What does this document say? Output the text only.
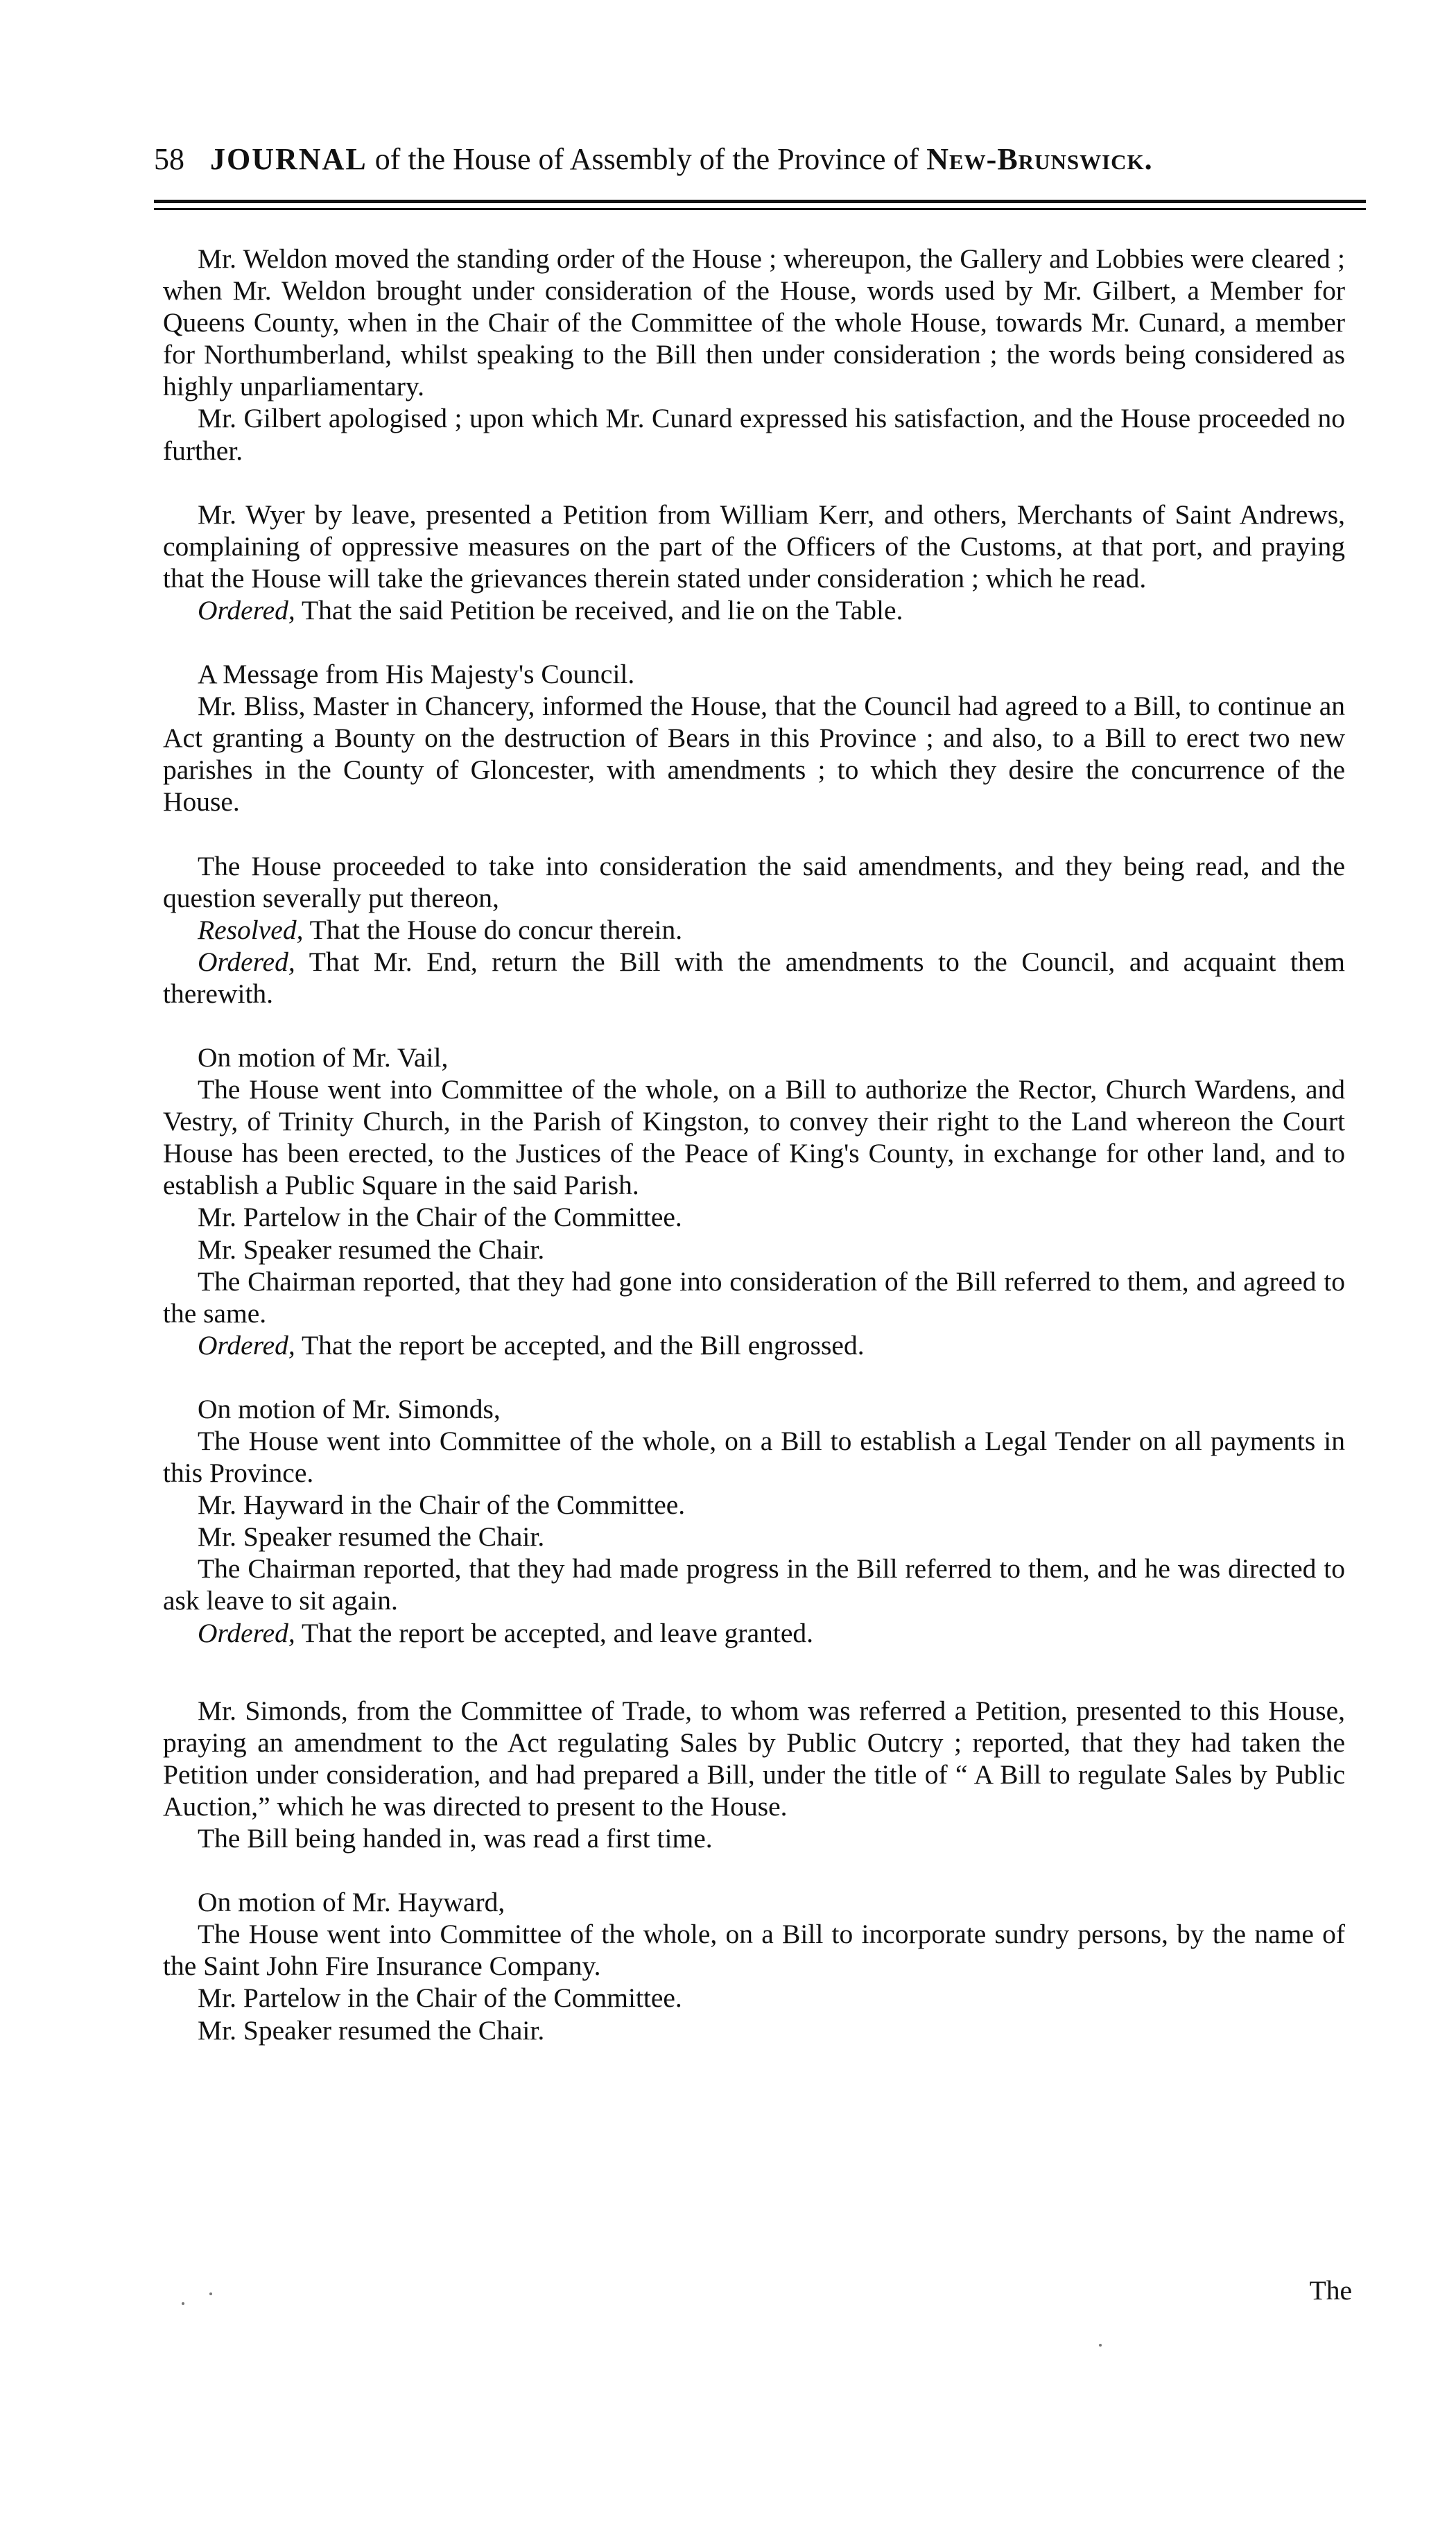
58 JOURNAL of the House of Assembly of the Province of New-Brunswick.

Mr. Weldon moved the standing order of the House ; whereupon, the Gallery and Lobbies were cleared ; when Mr. Weldon brought under consideration of the House, words used by Mr. Gilbert, a Member for Queens County, when in the Chair of the Committee of the whole House, towards Mr. Cunard, a member for Northumberland, whilst speaking to the Bill then under consideration ; the words being considered as highly unparliamentary.

Mr. Gilbert apologised ; upon which Mr. Cunard expressed his satisfaction, and the House proceeded no further.

Mr. Wyer by leave, presented a Petition from William Kerr, and others, Merchants of Saint Andrews, complaining of oppressive measures on the part of the Officers of the Customs, at that port, and praying that the House will take the grievances therein stated under consideration ; which he read.

Ordered, That the said Petition be received, and lie on the Table.

A Message from His Majesty's Council.

Mr. Bliss, Master in Chancery, informed the House, that the Council had agreed to a Bill, to continue an Act granting a Bounty on the destruction of Bears in this Province ; and also, to a Bill to erect two new parishes in the County of Gloncester, with amendments ; to which they desire the concurrence of the House.

The House proceeded to take into consideration the said amendments, and they being read, and the question severally put thereon,

Resolved, That the House do concur therein.

Ordered, That Mr. End, return the Bill with the amendments to the Council, and acquaint them therewith.

On motion of Mr. Vail,

The House went into Committee of the whole, on a Bill to authorize the Rector, Church Wardens, and Vestry, of Trinity Church, in the Parish of Kingston, to convey their right to the Land whereon the Court House has been erected, to the Justices of the Peace of King's County, in exchange for other land, and to establish a Public Square in the said Parish.

Mr. Partelow in the Chair of the Committee.

Mr. Speaker resumed the Chair.

The Chairman reported, that they had gone into consideration of the Bill referred to them, and agreed to the same.

Ordered, That the report be accepted, and the Bill engrossed.

On motion of Mr. Simonds,

The House went into Committee of the whole, on a Bill to establish a Legal Tender on all payments in this Province.

Mr. Hayward in the Chair of the Committee.

Mr. Speaker resumed the Chair.

The Chairman reported, that they had made progress in the Bill referred to them, and he was directed to ask leave to sit again.

Ordered, That the report be accepted, and leave granted.

Mr. Simonds, from the Committee of Trade, to whom was referred a Petition, presented to this House, praying an amendment to the Act regulating Sales by Public Outcry ; reported, that they had taken the Petition under consideration, and had prepared a Bill, under the title of “ A Bill to regulate Sales by Public Auction,” which he was directed to present to the House.

The Bill being handed in, was read a first time.

On motion of Mr. Hayward,

The House went into Committee of the whole, on a Bill to incorporate sundry persons, by the name of the Saint John Fire Insurance Company.

Mr. Partelow in the Chair of the Committee.

Mr. Speaker resumed the Chair.

The
